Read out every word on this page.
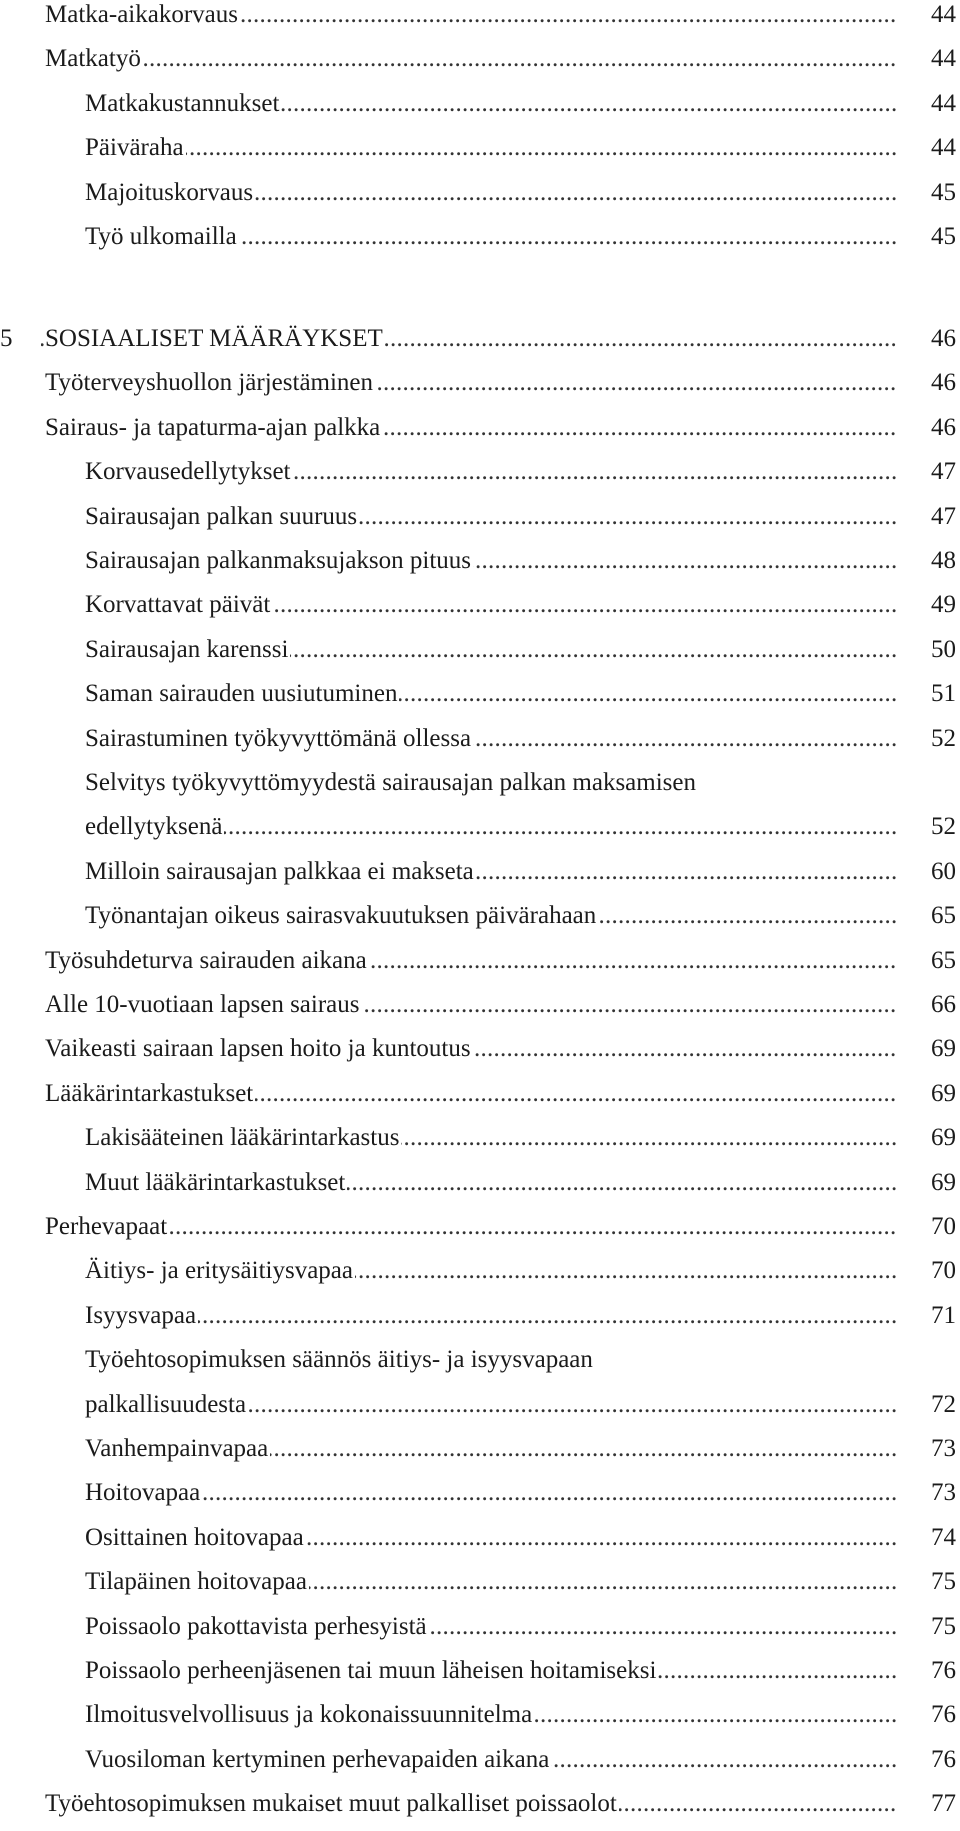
. . .
Matka-aikakorvaus	44
. . .
Matkatyö	44
. . .
Matkakustannukset	44
. . .
Päiväraha	44
. . .
Majoituskorvaus	45
. . .
Työ ulkomailla	45
. . .
5	SOSIAALISET MÄÄRÄYKSET	46
. . .
Työterveyshuollon järjestäminen	46
. . .
Sairaus- ja tapaturma-ajan palkka	46
. . .
Korvausedellytykset	47
. . .
Sairausajan palkan suuruus	47
. . .
Sairausajan palkanmaksujakson pituus	48
. . .
Korvattavat päivät	49
. . .
Sairausajan karenssi	50
. . .
Saman sairauden uusiutuminen	51
. . .
Sairastuminen työkyvyttömänä ollessa	52
Selvitys työkyvyttömyydestä sairausajan palkan maksamisen
. . .
edellytyksenä	52
. . .
Milloin sairausajan palkkaa ei makseta	60
. . .
Työnantajan oikeus sairasvakuutuksen päivärahaan	65
. . .
Työsuhdeturva sairauden aikana	65
. . .
Alle 10-vuotiaan lapsen sairaus	66
. . .
Vaikeasti sairaan lapsen hoito ja kuntoutus	69
. . .
Lääkärintarkastukset	69
. . .
Lakisääteinen lääkärintarkastus	69
. . .
Muut lääkärintarkastukset	69
. . .
Perhevapaat	70
. . .
Äitiys- ja eritysäitiysvapaa	70
. . .
Isyysvapaa	71
Työehtosopimuksen säännös äitiys- ja isyysvapaan
. . .
palkallisuudesta	72
. . .
Vanhempainvapaa	73
. . .
Hoitovapaa	73
. . .
Osittainen hoitovapaa	74
. . .
Tilapäinen hoitovapaa	75
. . .
Poissaolo pakottavista perhesyistä	75
. . .
Poissaolo perheenjäsenen tai muun läheisen hoitamiseksi	76
. . .
Ilmoitusvelvollisuus ja kokonaissuunnitelma	76
. . .
Vuosiloman kertyminen perhevapaiden aikana	76
. . .
Työehtosopimuksen mukaiset muut palkalliset poissaolot	77
